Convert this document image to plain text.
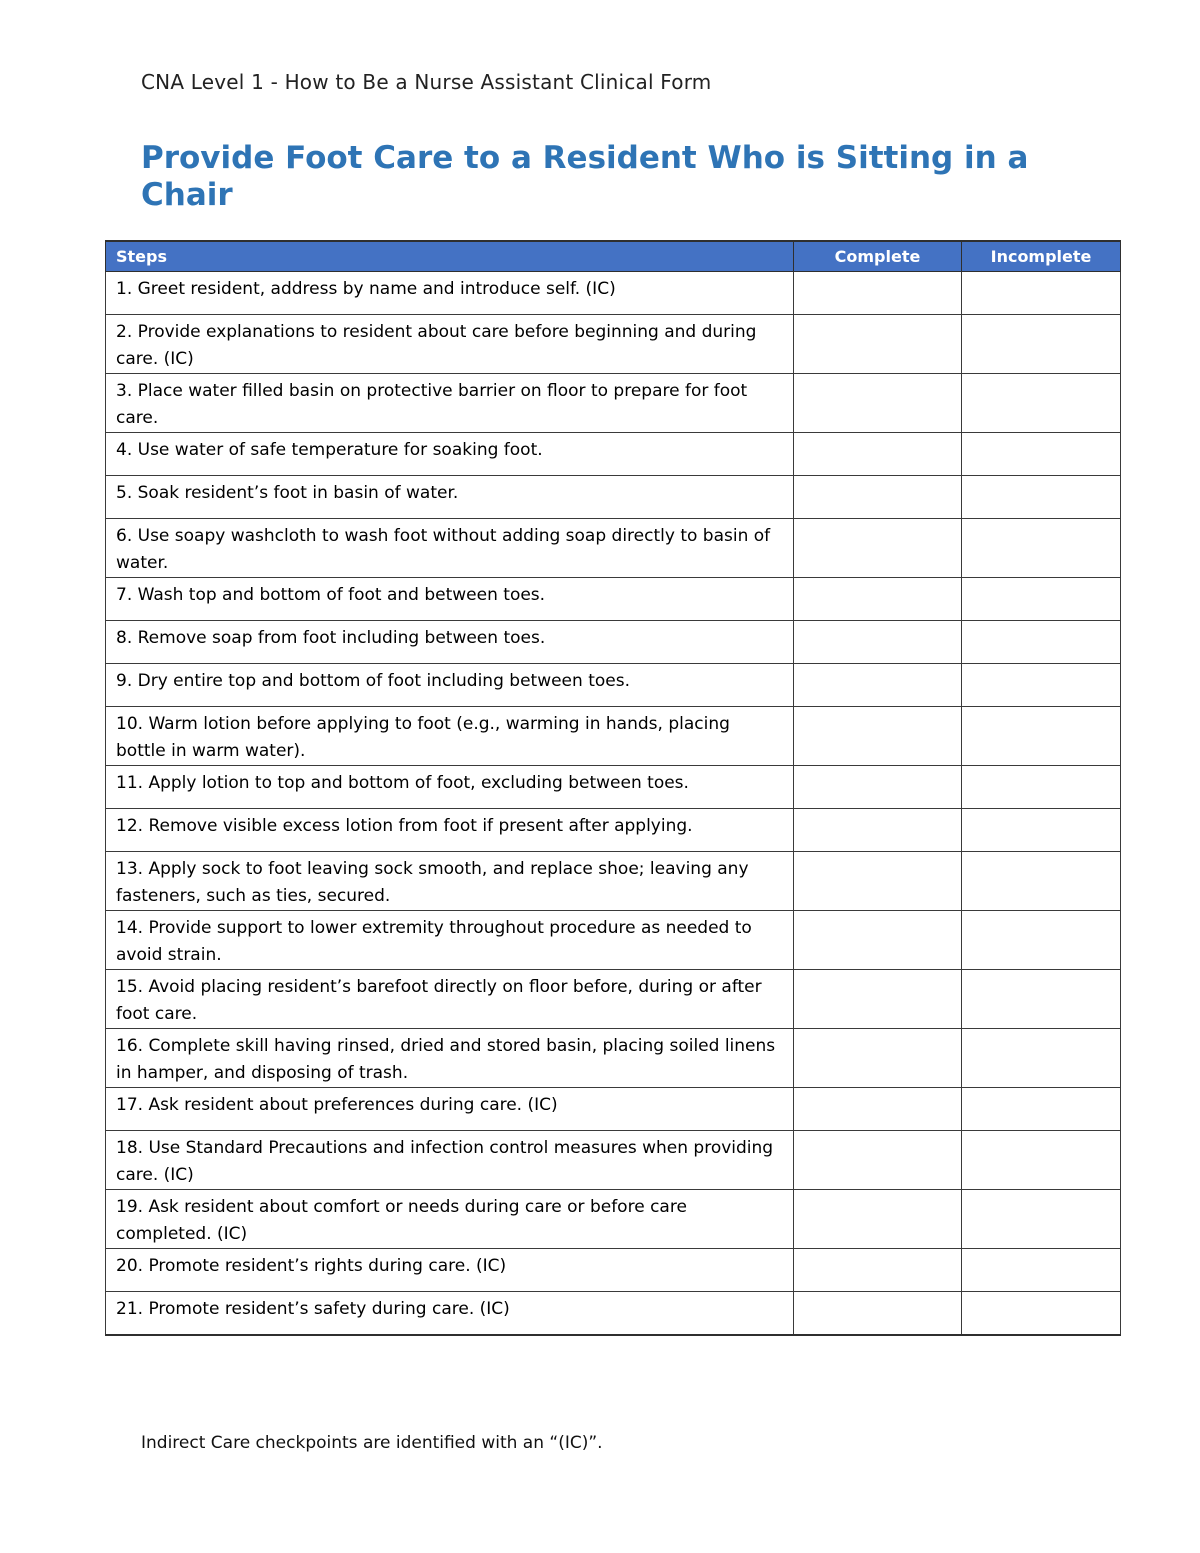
CNA Level 1 - How to Be a Nurse Assistant Clinical Form
Provide Foot Care to a Resident Who is Sitting in a Chair
Steps	Complete	Incomplete
1. Greet resident, address by name and introduce self. (IC)		
2. Provide explanations to resident about care before beginning and during care. (IC)		
3. Place water filled basin on protective barrier on floor to prepare for foot care.		
4. Use water of safe temperature for soaking foot.		
5. Soak resident’s foot in basin of water.		
6. Use soapy washcloth to wash foot without adding soap directly to basin of water.		
7. Wash top and bottom of foot and between toes.		
8. Remove soap from foot including between toes.		
9. Dry entire top and bottom of foot including between toes.		
10. Warm lotion before applying to foot (e.g., warming in hands, placing bottle in warm water).		
11. Apply lotion to top and bottom of foot, excluding between toes.		
12. Remove visible excess lotion from foot if present after applying.		
13. Apply sock to foot leaving sock smooth, and replace shoe; leaving any fasteners, such as ties, secured.		
14. Provide support to lower extremity throughout procedure as needed to avoid strain.		
15. Avoid placing resident’s barefoot directly on floor before, during or after foot care.		
16. Complete skill having rinsed, dried and stored basin, placing soiled linens in hamper, and disposing of trash.		
17. Ask resident about preferences during care. (IC)		
18. Use Standard Precautions and infection control measures when providing care. (IC)		
19. Ask resident about comfort or needs during care or before care completed. (IC)		
20. Promote resident’s rights during care. (IC)		
21. Promote resident’s safety during care. (IC)		
Indirect Care checkpoints are identified with an “(IC)”.
